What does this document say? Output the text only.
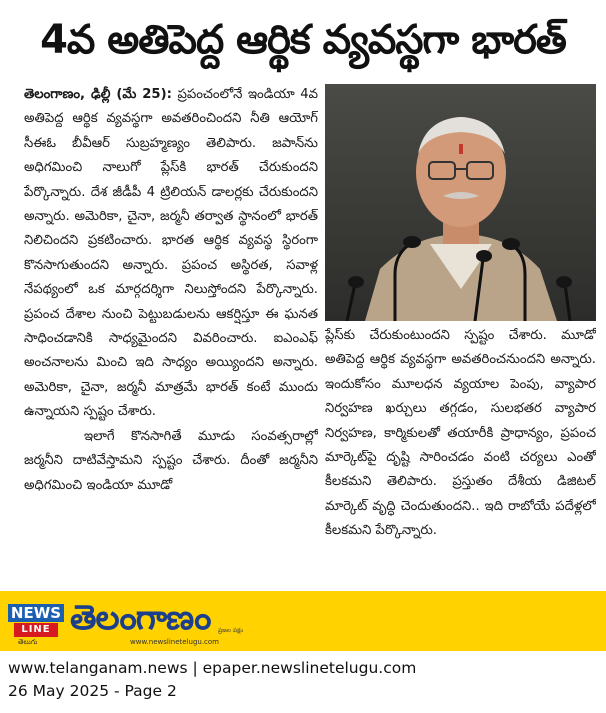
4వ అతిపెద్ద ఆర్థిక వ్యవస్థగా భారత్

తెలంగాణం, ఢిల్లీ (మే 25): ప్రపంచంలోనే ఇండియా 4వ అతిపెద్ద ఆర్థిక వ్యవస్థగా అవతరించిందని నీతి ఆయోగ్ సీఈఓ బీవీఆర్ సుబ్రహ్మణ్యం తెలిపారు. జపాన్‌ను అధిగమించి నాలుగో ప్లేస్‌కి భారత్ చేరుకుందని పేర్కొన్నారు. దేశ జీడీపీ 4 ట్రిలియన్ డాలర్లకు చేరుకుందని అన్నారు. అమెరికా, చైనా, జర్మనీ తర్వాత స్థానంలో భారత్ నిలిచిందని ప్రకటించారు. భారత ఆర్థిక వ్యవస్థ స్థిరంగా కొనసాగుతుందని అన్నారు. ప్రపంచ అస్థిరత, సవాళ్ల నేపథ్యంలో ఒక మార్గదర్శిగా నిలుస్తోందని పేర్కొన్నారు. ప్రపంచ దేశాల నుంచి పెట్టుబడులను ఆకర్షిస్తూ ఈ ఘనత సాధించడానికి సాధ్యమైందని వివరించారు. ఐఎంఎఫ్ అంచనాలను మించి ఇది సాధ్యం అయ్యిందని అన్నారు. అమెరికా, చైనా, జర్మనీ మాత్రమే భారత్ కంటే ముందు ఉన్నాయని స్పష్టం చేశారు.

ఇలాగే కొనసాగితే మూడు సంవత్సరాల్లో జర్మనీని దాటివేస్తామని స్పష్టం చేశారు. దీంతో జర్మనీని అధిగమించి ఇండియా మూడో

ప్లేస్‌కు చేరుకుంటుందని స్పష్టం చేశారు. మూడో అతిపెద్ద ఆర్థిక వ్యవస్థగా అవతరించనుందని అన్నారు. ఇందుకోసం మూలధన వ్యయాల పెంపు, వ్యాపార నిర్వహణ ఖర్చులు తగ్గడం, సులభతర వ్యాపార నిర్వహణ, కార్మికులతో తయారీకి ప్రాధాన్యం, ప్రపంచ మార్కెట్‌పై దృష్టి సారించడం వంటి చర్యలు ఎంతో కీలకమని తెలిపారు. ప్రస్తుతం దేశీయ డిజిటల్ మార్కెట్ వృద్ధి చెందుతుందని.. ఇది రాబోయే పదేళ్లలో కీలకమని పేర్కొన్నారు.

NEWS
LINE
తెలుగు
తెలంగాణం
www.newslinetelugu.com
ప్రజల పక్షం
www.telanganam.news | epaper.newslinetelugu.com
26 May 2025 - Page 2
